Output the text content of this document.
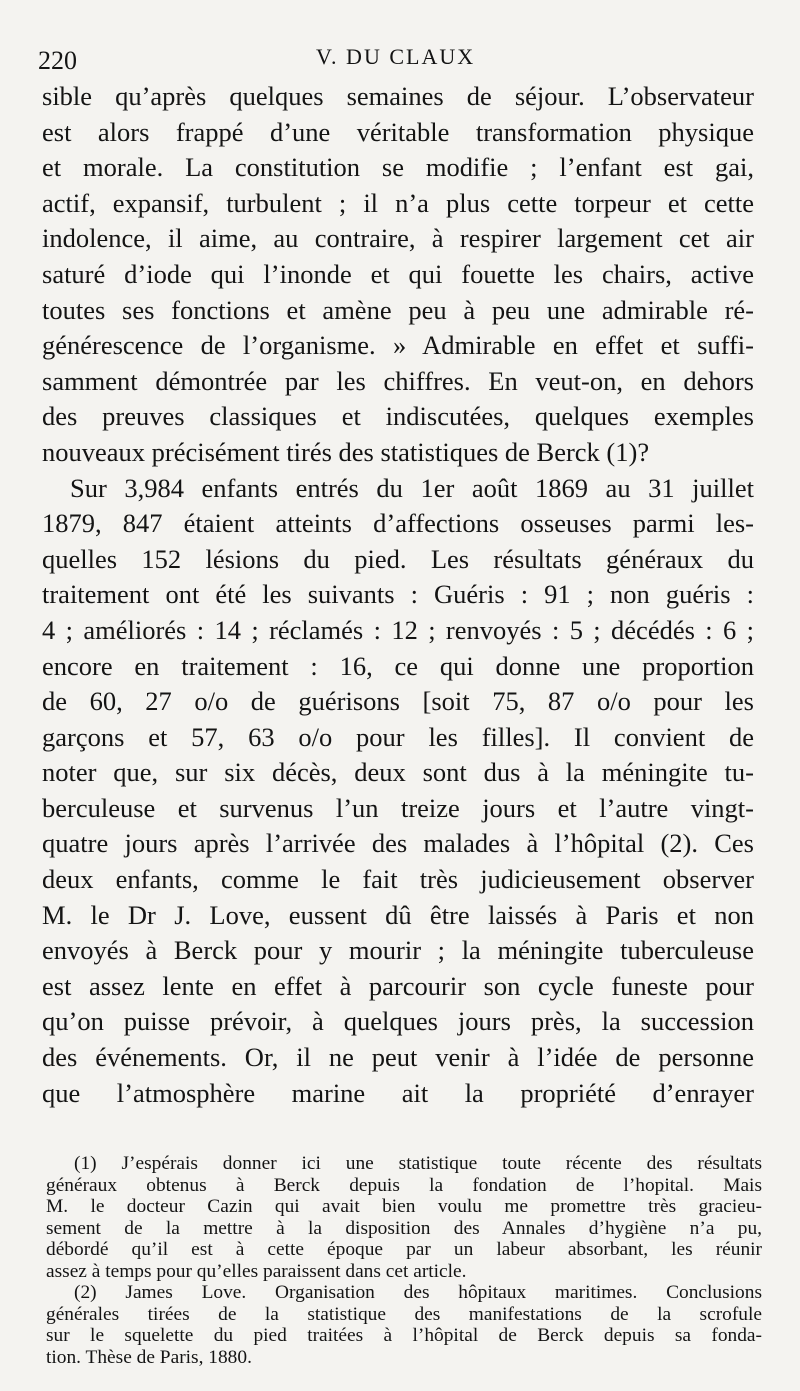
220	V. DU CLAUX

sible qu’après quelques semaines de séjour. L’observateur
est alors frappé d’une véritable transformation physique
et morale. La constitution se modifie ; l’enfant est gai,
actif, expansif, turbulent ; il n’a plus cette torpeur et cette
indolence, il aime, au contraire, à respirer largement cet air
saturé d’iode qui l’inonde et qui fouette les chairs, active
toutes ses fonctions et amène peu à peu une admirable ré-
générescence de l’organisme. » Admirable en effet et suffi-
samment démontrée par les chiffres. En veut-on, en dehors
des preuves classiques et indiscutées, quelques exemples
nouveaux précisément tirés des statistiques de Berck (1)?

Sur 3,984 enfants entrés du 1er août 1869 au 31 juillet
1879, 847 étaient atteints d’affections osseuses parmi les-
quelles 152 lésions du pied. Les résultats généraux du
traitement ont été les suivants : Guéris : 91 ; non guéris :
4 ; améliorés : 14 ; réclamés : 12 ; renvoyés : 5 ; décédés : 6 ;
encore en traitement : 16, ce qui donne une proportion
de 60, 27 o/o de guérisons [soit 75, 87 o/o pour les
garçons et 57, 63 o/o pour les filles]. Il convient de
noter que, sur six décès, deux sont dus à la méningite tu-
berculeuse et survenus l’un treize jours et l’autre vingt-
quatre jours après l’arrivée des malades à l’hôpital (2). Ces
deux enfants, comme le fait très judicieusement observer
M. le Dr J. Love, eussent dû être laissés à Paris et non
envoyés à Berck pour y mourir ; la méningite tuberculeuse
est assez lente en effet à parcourir son cycle funeste pour
qu’on puisse prévoir, à quelques jours près, la succession
des événements. Or, il ne peut venir à l’idée de personne
que l’atmosphère marine ait la propriété d’enrayer

(1) J’espérais donner ici une statistique toute récente des résultats
généraux obtenus à Berck depuis la fondation de l’hopital. Mais
M. le docteur Cazin qui avait bien voulu me promettre très gracieu-
sement de la mettre à la disposition des Annales d’hygiène n’a pu,
débordé qu’il est à cette époque par un labeur absorbant, les réunir
assez à temps pour qu’elles paraissent dans cet article.

(2) James Love. Organisation des hôpitaux maritimes. Conclusions
générales tirées de la statistique des manifestations de la scrofule
sur le squelette du pied traitées à l’hôpital de Berck depuis sa fonda-
tion. Thèse de Paris, 1880.
